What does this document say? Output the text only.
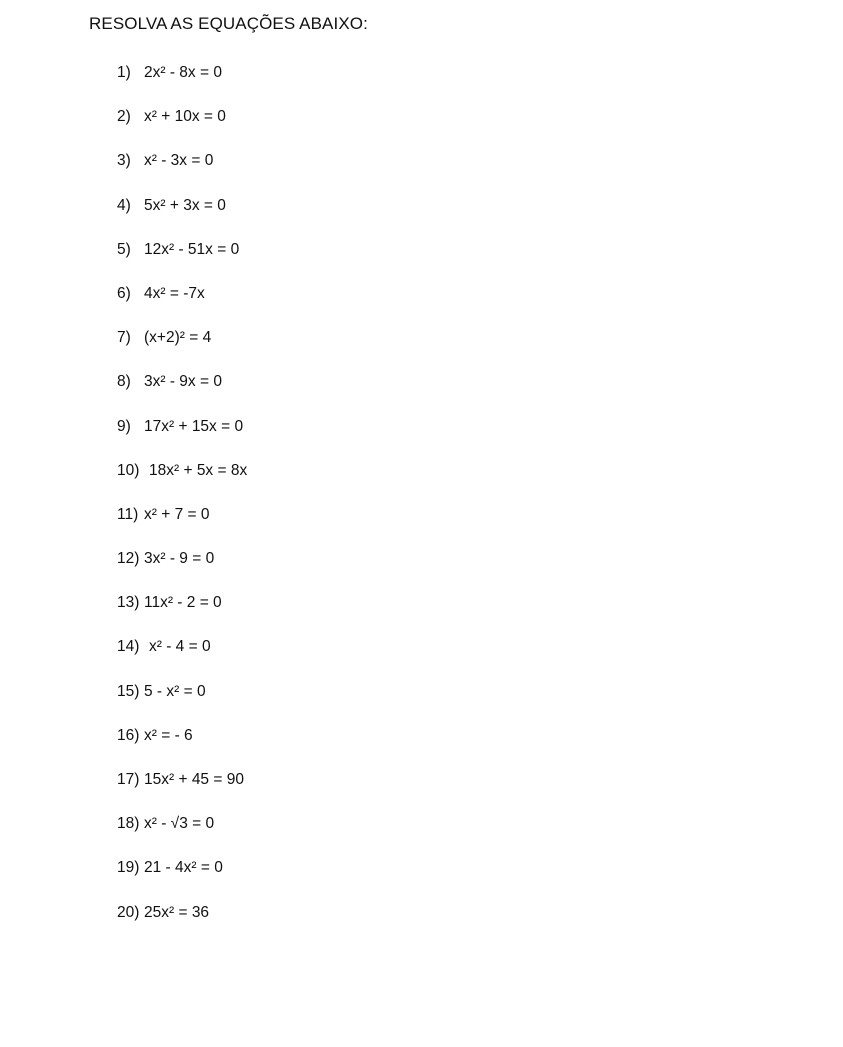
RESOLVA AS EQUAÇÕES ABAIXO:
1) 2x² - 8x = 0
2) x² + 10x = 0
3) x² - 3x = 0
4) 5x² + 3x = 0
5) 12x² - 51x = 0
6) 4x² = -7x
7) (x+2)² = 4
8) 3x² - 9x = 0
9) 17x² + 15x = 0
10) 18x² + 5x = 8x
11) x² + 7 = 0
12) 3x² - 9 = 0
13) 11x² - 2 = 0
14) x² - 4 = 0
15) 5 - x² = 0
16) x² = - 6
17) 15x² + 45 = 90
18) x² - √3 = 0
19) 21 - 4x² = 0
20) 25x² = 36
